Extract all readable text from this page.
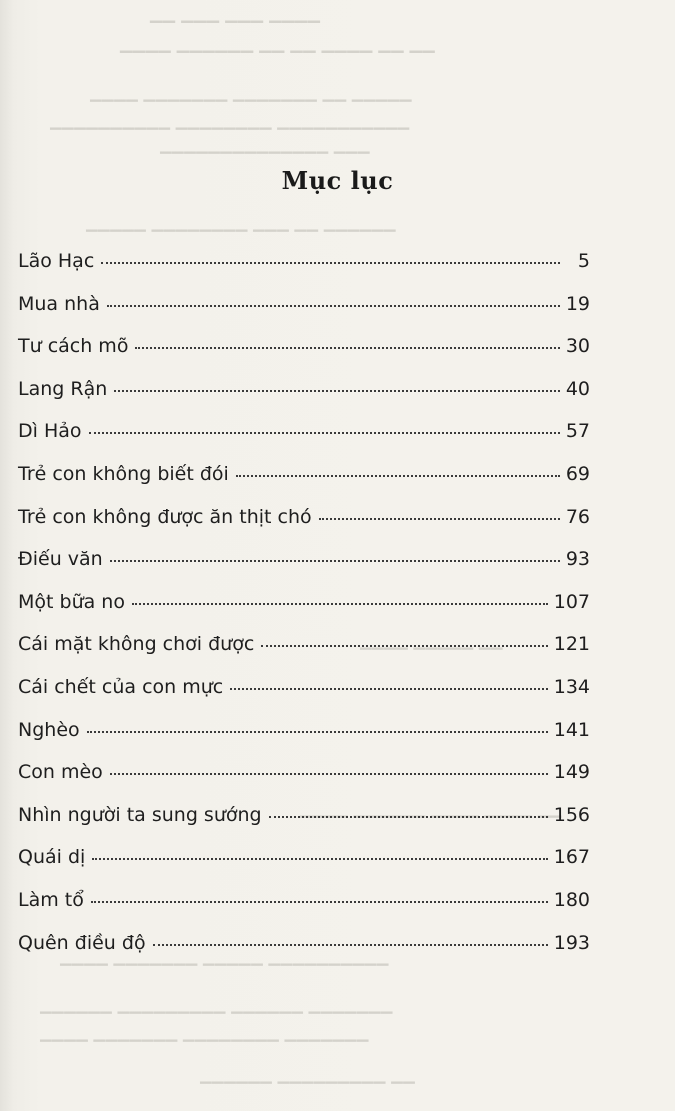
▁▁ ▁▁▁ ▁▁▁ ▁▁▁▁
▁▁▁▁ ▁▁▁▁▁▁ ▁▁ ▁▁ ▁▁▁▁ ▁▁ ▁▁
▁▁▁▁ ▁▁▁▁▁▁▁ ▁▁▁▁▁▁▁ ▁▁ ▁▁▁▁▁
▁▁▁▁▁▁▁▁▁▁ ▁▁▁▁▁▁▁▁ ▁▁▁▁▁▁▁▁▁▁▁
▁▁▁▁▁▁▁▁▁▁▁▁▁▁ ▁▁▁
▁▁▁▁▁ ▁▁▁▁▁▁▁▁ ▁▁▁ ▁▁ ▁▁▁▁▁▁
▁▁▁▁ ▁▁▁▁▁ ▁▁
▁▁▁▁ ▁▁▁▁▁▁ ▁▁▁▁ ▁▁▁▁ ▁▁
▁▁▁▁ ▁▁▁▁▁▁▁ ▁▁▁▁▁ ▁▁▁▁▁▁▁▁▁▁
▁▁▁▁▁▁ ▁▁▁▁▁▁▁▁▁ ▁▁▁▁▁▁ ▁▁▁▁▁▁▁
▁▁▁▁ ▁▁▁▁▁▁▁ ▁▁▁▁▁▁▁▁ ▁▁▁▁▁▁▁
▁▁▁▁▁▁ ▁▁▁▁▁▁▁▁▁ ▁▁
Mục lục
Lão Hạc	5
Mua nhà	19
Tư cách mõ	30
Lang Rận	40
Dì Hảo	57
Trẻ con không biết đói	69
Trẻ con không được ăn thịt chó	76
Điếu văn	93
Một bữa no	107
Cái mặt không chơi được	121
Cái chết của con mực	134
Nghèo	141
Con mèo	149
Nhìn người ta sung sướng	156
Quái dị	167
Làm tổ	180
Quên điều độ	193
